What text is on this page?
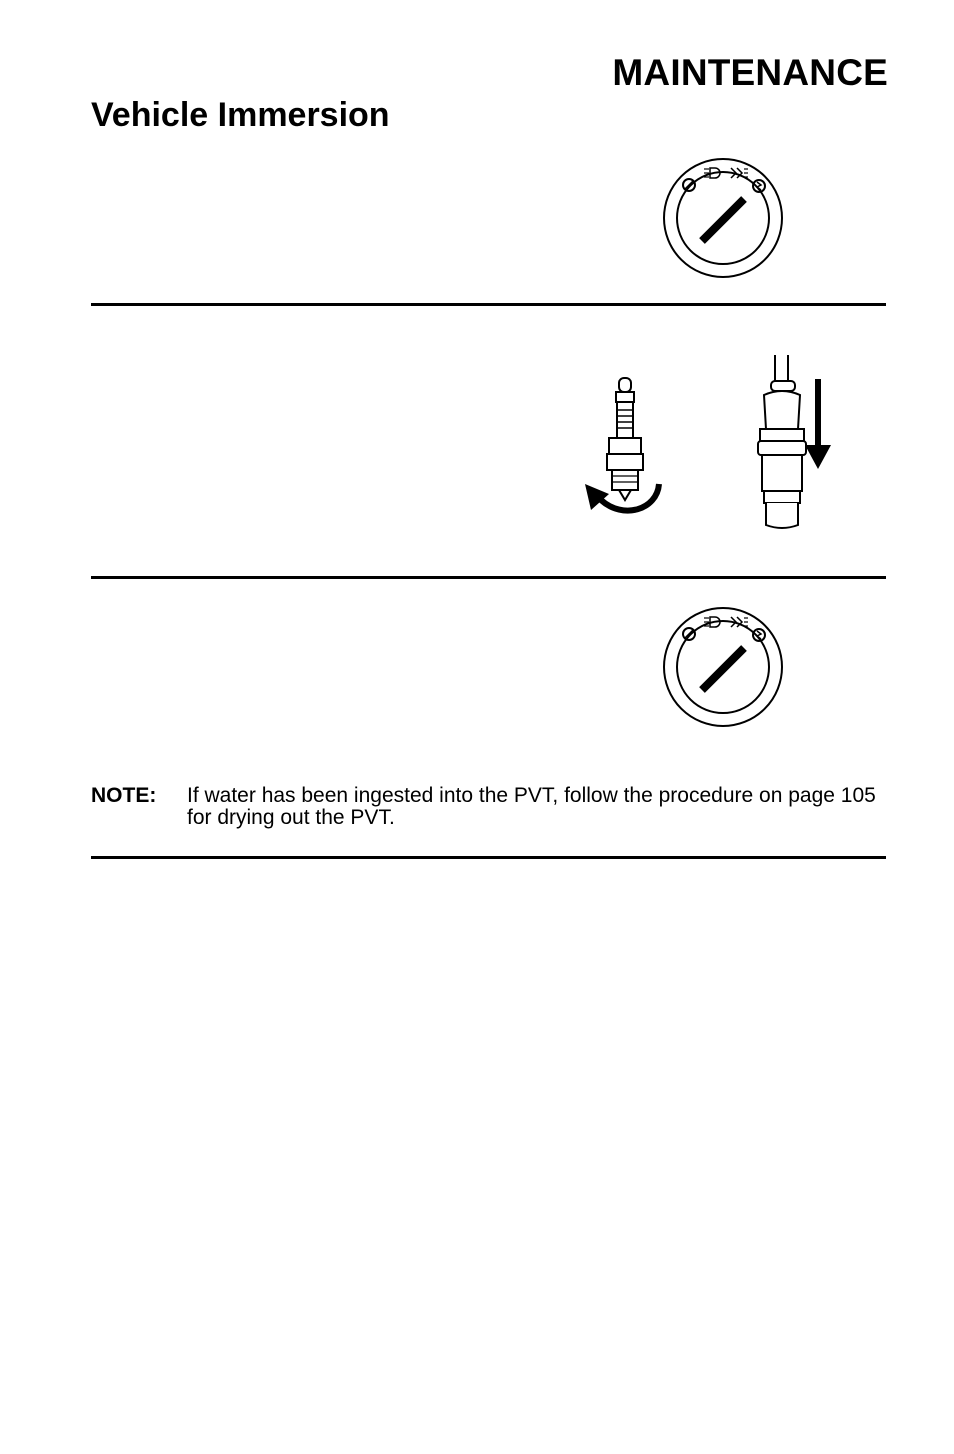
MAINTENANCE
Vehicle Immersion
NOTE: If water has been ingested into the PVT, follow the procedure on page 105 for drying out the PVT.
